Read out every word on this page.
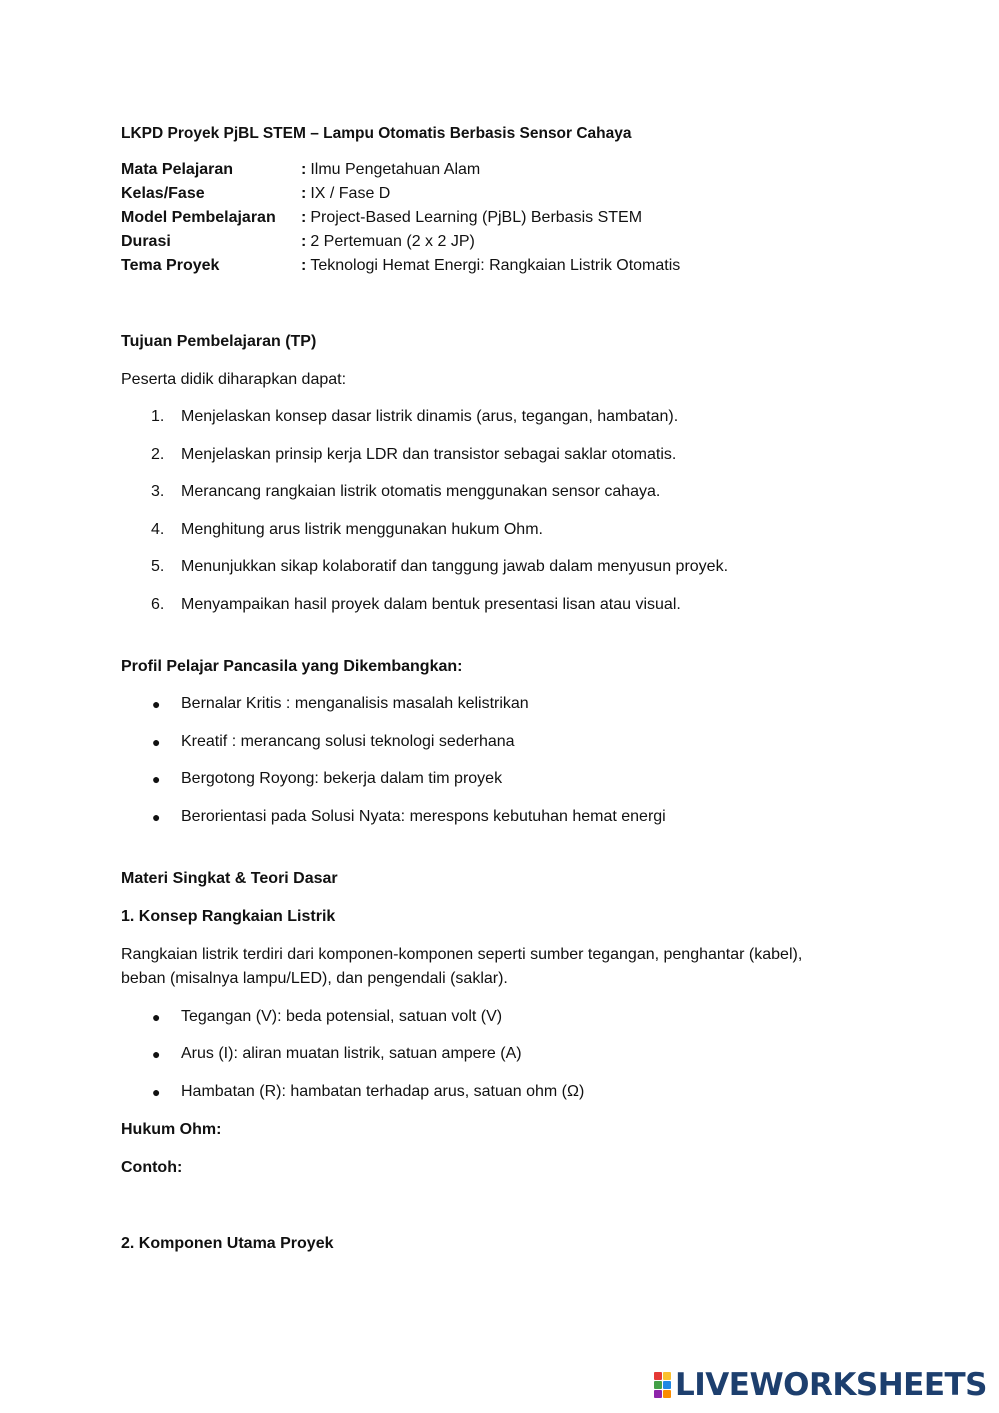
LKPD Proyek PjBL STEM – Lampu Otomatis Berbasis Sensor Cahaya
Mata Pelajaran	: Ilmu Pengetahuan Alam
Kelas/Fase	: IX / Fase D
Model Pembelajaran	: Project-Based Learning (PjBL) Berbasis STEM
Durasi	: 2 Pertemuan (2 x 2 JP)
Tema Proyek	: Teknologi Hemat Energi: Rangkaian Listrik Otomatis
Tujuan Pembelajaran (TP)
Peserta didik diharapkan dapat:
1.	Menjelaskan konsep dasar listrik dinamis (arus, tegangan, hambatan).
2.	Menjelaskan prinsip kerja LDR dan transistor sebagai saklar otomatis.
3.	Merancang rangkaian listrik otomatis menggunakan sensor cahaya.
4.	Menghitung arus listrik menggunakan hukum Ohm.
5.	Menunjukkan sikap kolaboratif dan tanggung jawab dalam menyusun proyek.
6.	Menyampaikan hasil proyek dalam bentuk presentasi lisan atau visual.
Profil Pelajar Pancasila yang Dikembangkan:
●	Bernalar Kritis : menganalisis masalah kelistrikan
●	Kreatif : merancang solusi teknologi sederhana
●	Bergotong Royong: bekerja dalam tim proyek
●	Berorientasi pada Solusi Nyata: merespons kebutuhan hemat energi
Materi Singkat & Teori Dasar
1. Konsep Rangkaian Listrik
Rangkaian listrik terdiri dari komponen-komponen seperti sumber tegangan, penghantar (kabel),
beban (misalnya lampu/LED), dan pengendali (saklar).
●	Tegangan (V): beda potensial, satuan volt (V)
●	Arus (I): aliran muatan listrik, satuan ampere (A)
●	Hambatan (R): hambatan terhadap arus, satuan ohm (Ω)
Hukum Ohm:
Contoh:
2. Komponen Utama Proyek
LIVEWORKSHEETS
